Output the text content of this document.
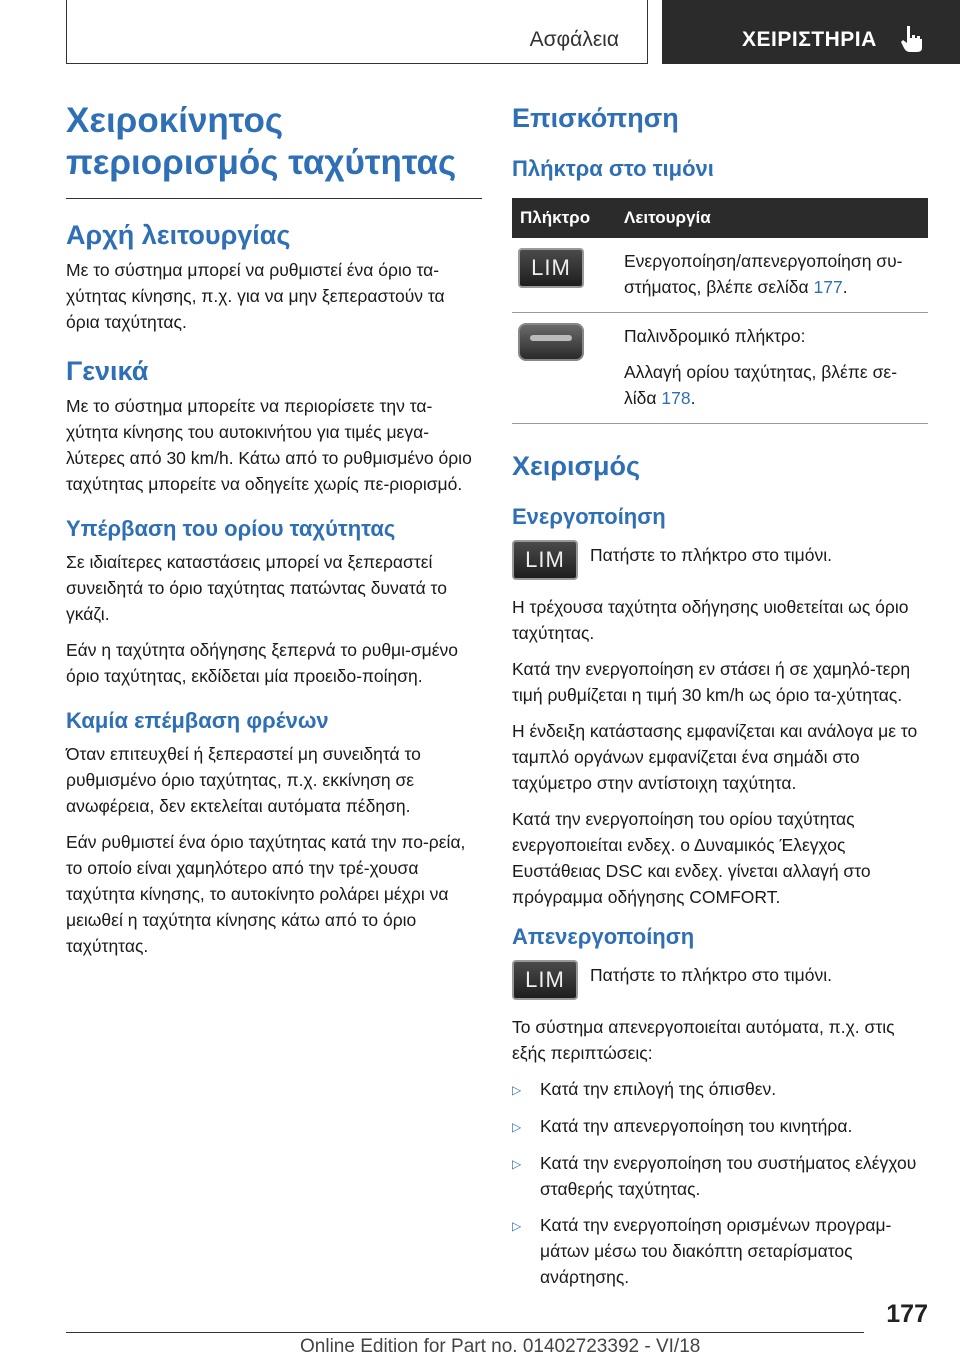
Ασφάλεια	ΧΕΙΡΙΣΤΗΡΙΑ
Χειροκίνητος περιορισμός ταχύτητας
Αρχή λειτουργίας

Με το σύστημα μπορεί να ρυθμιστεί ένα όριο τα-χύτητας κίνησης, π.χ. για να μην ξεπεραστούν τα όρια ταχύτητας.

Γενικά

Με το σύστημα μπορείτε να περιορίσετε την τα-χύτητα κίνησης του αυτοκινήτου για τιμές μεγα-λύτερες από 30 km/h. Κάτω από το ρυθμισμένο όριο ταχύτητας μπορείτε να οδηγείτε χωρίς πε-ριορισμό.

Υπέρβαση του ορίου ταχύτητας

Σε ιδιαίτερες καταστάσεις μπορεί να ξεπεραστεί συνειδητά το όριο ταχύτητας πατώντας δυνατά το γκάζι.

Εάν η ταχύτητα οδήγησης ξεπερνά το ρυθμι-σμένο όριο ταχύτητας, εκδίδεται μία προειδο-ποίηση.

Καμία επέμβαση φρένων

Όταν επιτευχθεί ή ξεπεραστεί μη συνειδητά το ρυθμισμένο όριο ταχύτητας, π.χ. εκκίνηση σε ανωφέρεια, δεν εκτελείται αυτόματα πέδηση.

Εάν ρυθμιστεί ένα όριο ταχύτητας κατά την πο-ρεία, το οποίο είναι χαμηλότερο από την τρέ-χουσα ταχύτητα κίνησης, το αυτοκίνητο ρολάρει μέχρι να μειωθεί η ταχύτητα κίνησης κάτω από το όριο ταχύτητας.

Επισκόπηση
Πλήκτρα στο τιμόνι
Πλήκτρο	Λειτουργία
LIM	Ενεργοποίηση/απενεργοποίηση συ-στήματος, βλέπε σελίδα 177.

	Παλινδρομικό πλήκτρο:
Αλλαγή ορίου ταχύτητας, βλέπε σε-λίδα 178.
Χειρισμός
Ενεργοποίηση
LIM	Πατήστε το πλήκτρο στο τιμόνι.

Η τρέχουσα ταχύτητα οδήγησης υιοθετείται ως όριο ταχύτητας.

Κατά την ενεργοποίηση εν στάσει ή σε χαμηλό-τερη τιμή ρυθμίζεται η τιμή 30 km/h ως όριο τα-χύτητας.

Η ένδειξη κατάστασης εμφανίζεται και ανάλογα με το ταμπλό οργάνων εμφανίζεται ένα σημάδι στο ταχύμετρο στην αντίστοιχη ταχύτητα.

Κατά την ενεργοποίηση του ορίου ταχύτητας ενεργοποιείται ενδεχ. ο Δυναμικός Έλεγχος Ευστάθειας DSC και ενδεχ. γίνεται αλλαγή στο πρόγραμμα οδήγησης COMFORT.

Απενεργοποίηση
LIM	Πατήστε το πλήκτρο στο τιμόνι.

Το σύστημα απενεργοποιείται αυτόματα, π.χ. στις εξής περιπτώσεις:

▷	Κατά την επιλογή της όπισθεν.
▷	Κατά την απενεργοποίηση του κινητήρα.
▷	Κατά την ενεργοποίηση του συστήματος ελέγχου σταθερής ταχύτητας.
▷	Κατά την ενεργοποίηση ορισμένων προγραμ-μάτων μέσω του διακόπτη σεταρίσματος ανάρτησης.
177
Online Edition for Part no. 01402723392 - VI/18
